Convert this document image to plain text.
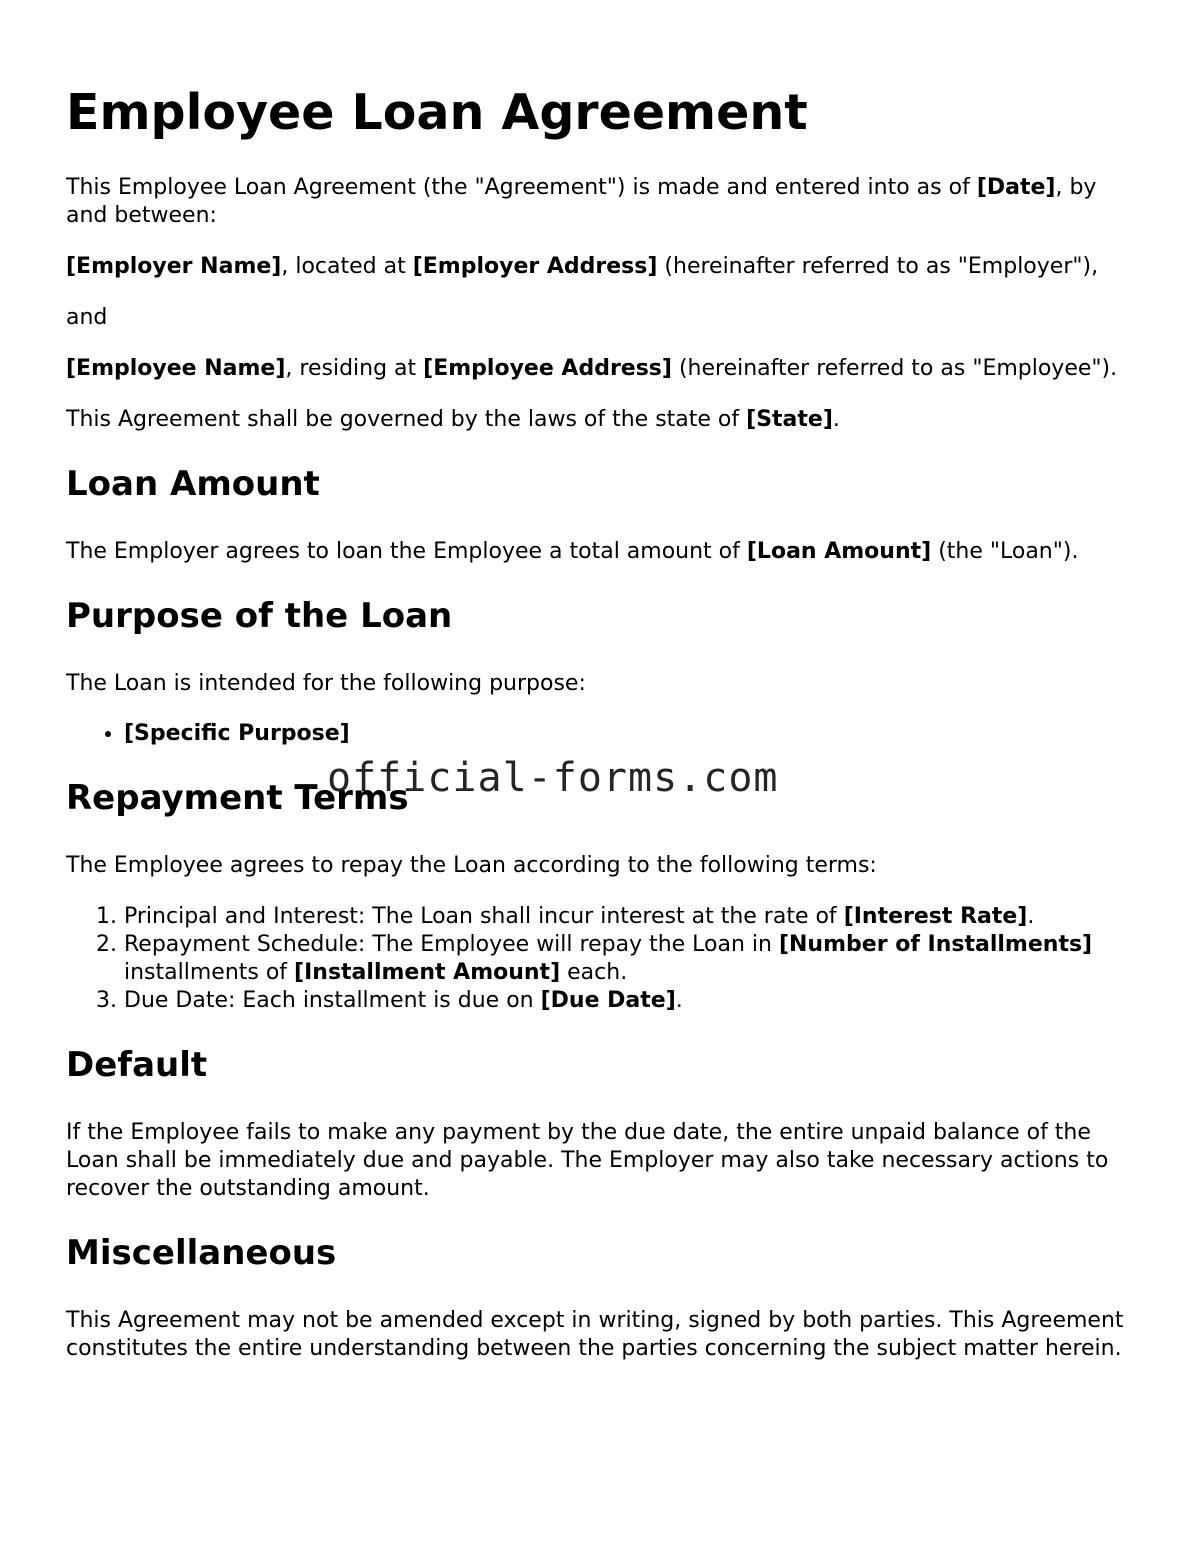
Employee Loan Agreement

This Employee Loan Agreement (the "Agreement") is made and entered into as of [Date], by and between:

[Employer Name], located at [Employer Address] (hereinafter referred to as "Employer"),

and

[Employee Name], residing at [Employee Address] (hereinafter referred to as "Employee").

This Agreement shall be governed by the laws of the state of [State].

Loan Amount

The Employer agrees to loan the Employee a total amount of [Loan Amount] (the "Loan").

Purpose of the Loan

The Loan is intended for the following purpose:

• [Specific Purpose]
Repayment Terms

The Employee agrees to repay the Loan according to the following terms:

1. Principal and Interest: The Loan shall incur interest at the rate of [Interest Rate].
2. Repayment Schedule: The Employee will repay the Loan in [Number of Installments] installments of [Installment Amount] each.
3. Due Date: Each installment is due on [Due Date].
Default

If the Employee fails to make any payment by the due date, the entire unpaid balance of the Loan shall be immediately due and payable. The Employer may also take necessary actions to recover the outstanding amount.

Miscellaneous

This Agreement may not be amended except in writing, signed by both parties. This Agreement constitutes the entire understanding between the parties concerning the subject matter herein.

official-forms.com
